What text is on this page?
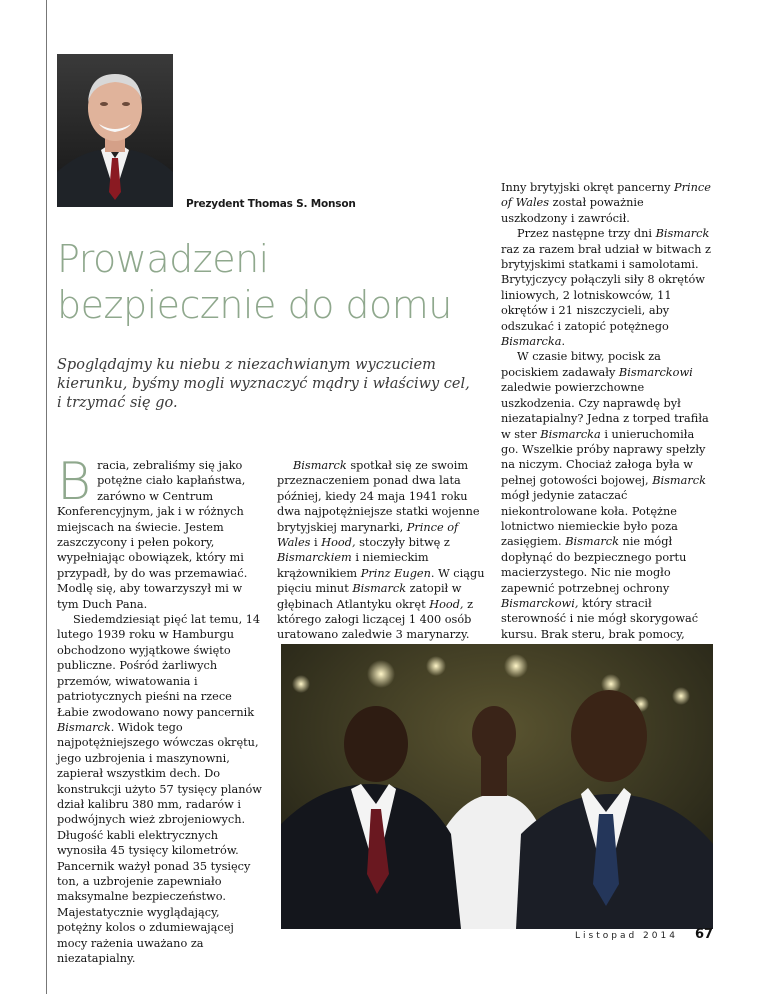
Prezydent Thomas S. Monson
Prowadzeni
bezpiecznie do domu
Spoglądajmy ku niebu z niezachwianym wyczuciem kierunku, byśmy mogli wyznaczyć mądry i właściwy cel, i trzymać się go.

Bracia, zebraliśmy się jako potężne ciało kapłaństwa, zarówno w Centrum Konferencyjnym, jak i w różnych miejscach na świecie. Jestem zaszczycony i pełen pokory, wypełniając obowiązek, który mi przypadł, by do was przemawiać. Modlę się, aby towarzyszył mi w tym Duch Pana.

Siedemdziesiąt pięć lat temu, 14 lutego 1939 roku w Hamburgu obchodzono wyjątkowe święto publiczne. Pośród żarliwych przemów, wiwatowania i patriotycznych pieśni na rzece Łabie zwodowano nowy pancernik Bismarck. Widok tego najpotężniejszego wówczas okrętu, jego uzbrojenia i maszynowni, zapierał wszystkim dech. Do konstrukcji użyto 57 tysięcy planów dział kalibru 380 mm, radarów i podwójnych wież zbrojeniowych. Długość kabli elektrycznych wynosiła 45 tysięcy kilometrów. Pancernik ważył ponad 35 tysięcy ton, a uzbrojenie zapewniało maksymalne bezpieczeństwo. Majestatycznie wyglądający, potężny kolos o zdumiewającej mocy rażenia uważano za niezatapialny.

Bismarck spotkał się ze swoim przeznaczeniem ponad dwa lata później, kiedy 24 maja 1941 roku dwa najpotężniejsze statki wojenne brytyjskiej marynarki, Prince of Wales i Hood, stoczyły bitwę z Bismarckiem i niemieckim krążownikiem Prinz Eugen. W ciągu pięciu minut Bismarck zatopił w głębinach Atlantyku okręt Hood, z którego załogi liczącej 1 400 osób uratowano zaledwie 3 marynarzy.

Inny brytyjski okręt pancerny Prince of Wales został poważnie uszkodzony i zawrócił.

Przez następne trzy dni Bismarck raz za razem brał udział w bitwach z brytyjskimi statkami i samolotami. Brytyjczycy połączyli siły 8 okrętów liniowych, 2 lotniskowców, 11 okrętów i 21 niszczycieli, aby odszukać i zatopić potężnego Bismarcka.

W czasie bitwy, pocisk za pociskiem zadawały Bismarckowi zaledwie powierzchowne uszkodzenia. Czy naprawdę był niezatapialny? Jedna z torped trafiła w ster Bismarcka i unieruchomiła go. Wszelkie próby naprawy spełzły na niczym. Chociaż załoga była w pełnej gotowości bojowej, Bismarck mógł jedynie zataczać niekontrolowane koła. Potężne lotnictwo niemieckie było poza zasięgiem. Bismarck nie mógł dopłynąć do bezpiecznego portu macierzystego. Nic nie mogło zapewnić potrzebnej ochrony Bismarckowi, który stracił sterowność i nie mógł skorygować kursu. Brak steru, brak pomocy,

Listopad 2014 67
